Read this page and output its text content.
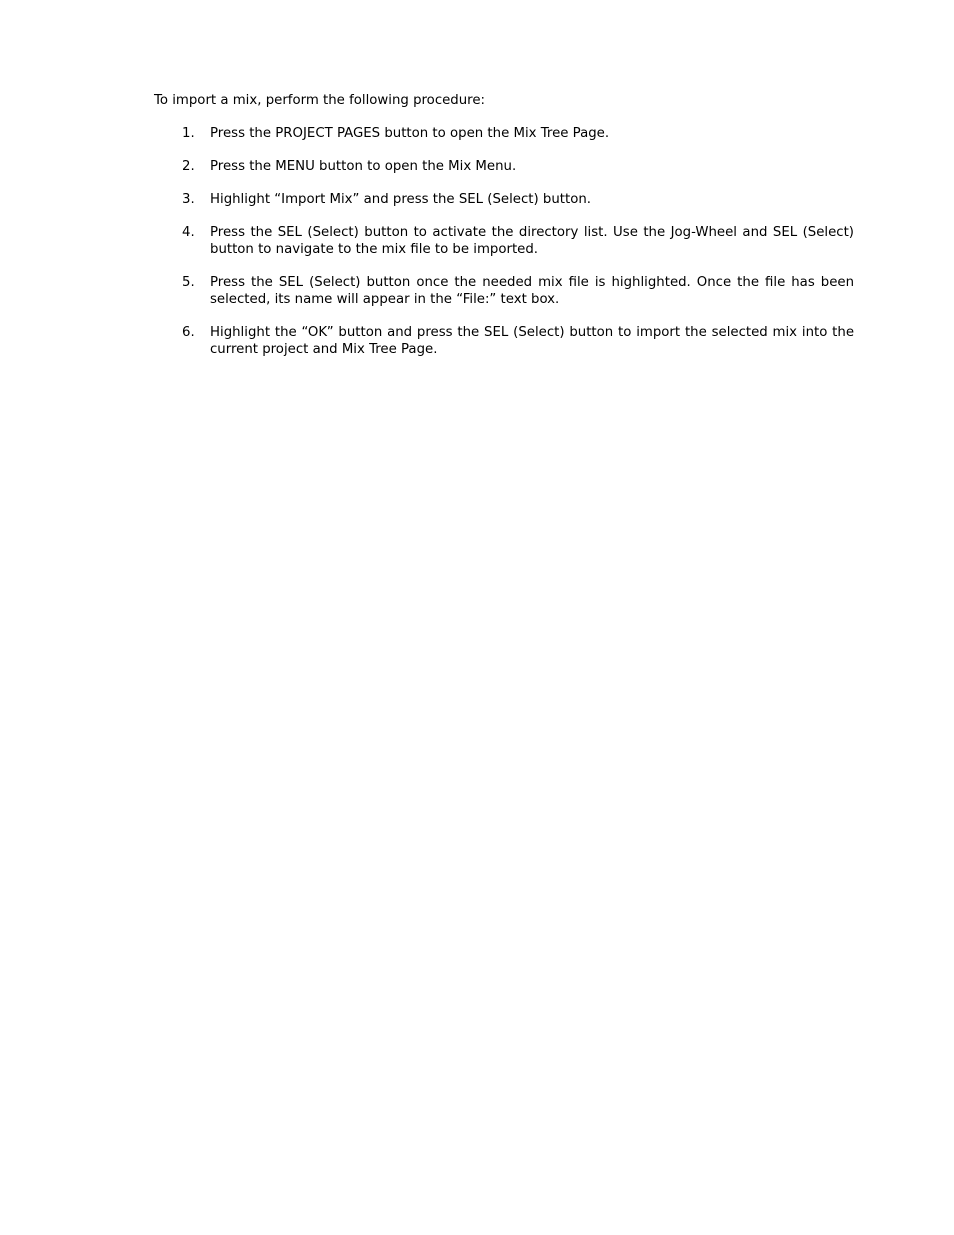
To import a mix, perform the following procedure:

1. Press the PROJECT PAGES button to open the Mix Tree Page.
2. Press the MENU button to open the Mix Menu.
3. Highlight “Import Mix” and press the SEL (Select) button.
4. Press the SEL (Select) button to activate the directory list. Use the Jog-Wheel and SEL (Select) button to navigate to the mix file to be imported.
5. Press the SEL (Select) button once the needed mix file is highlighted. Once the file has been selected, its name will appear in the “File:” text box.
6. Highlight the “OK” button and press the SEL (Select) button to import the selected mix into the current project and Mix Tree Page.
